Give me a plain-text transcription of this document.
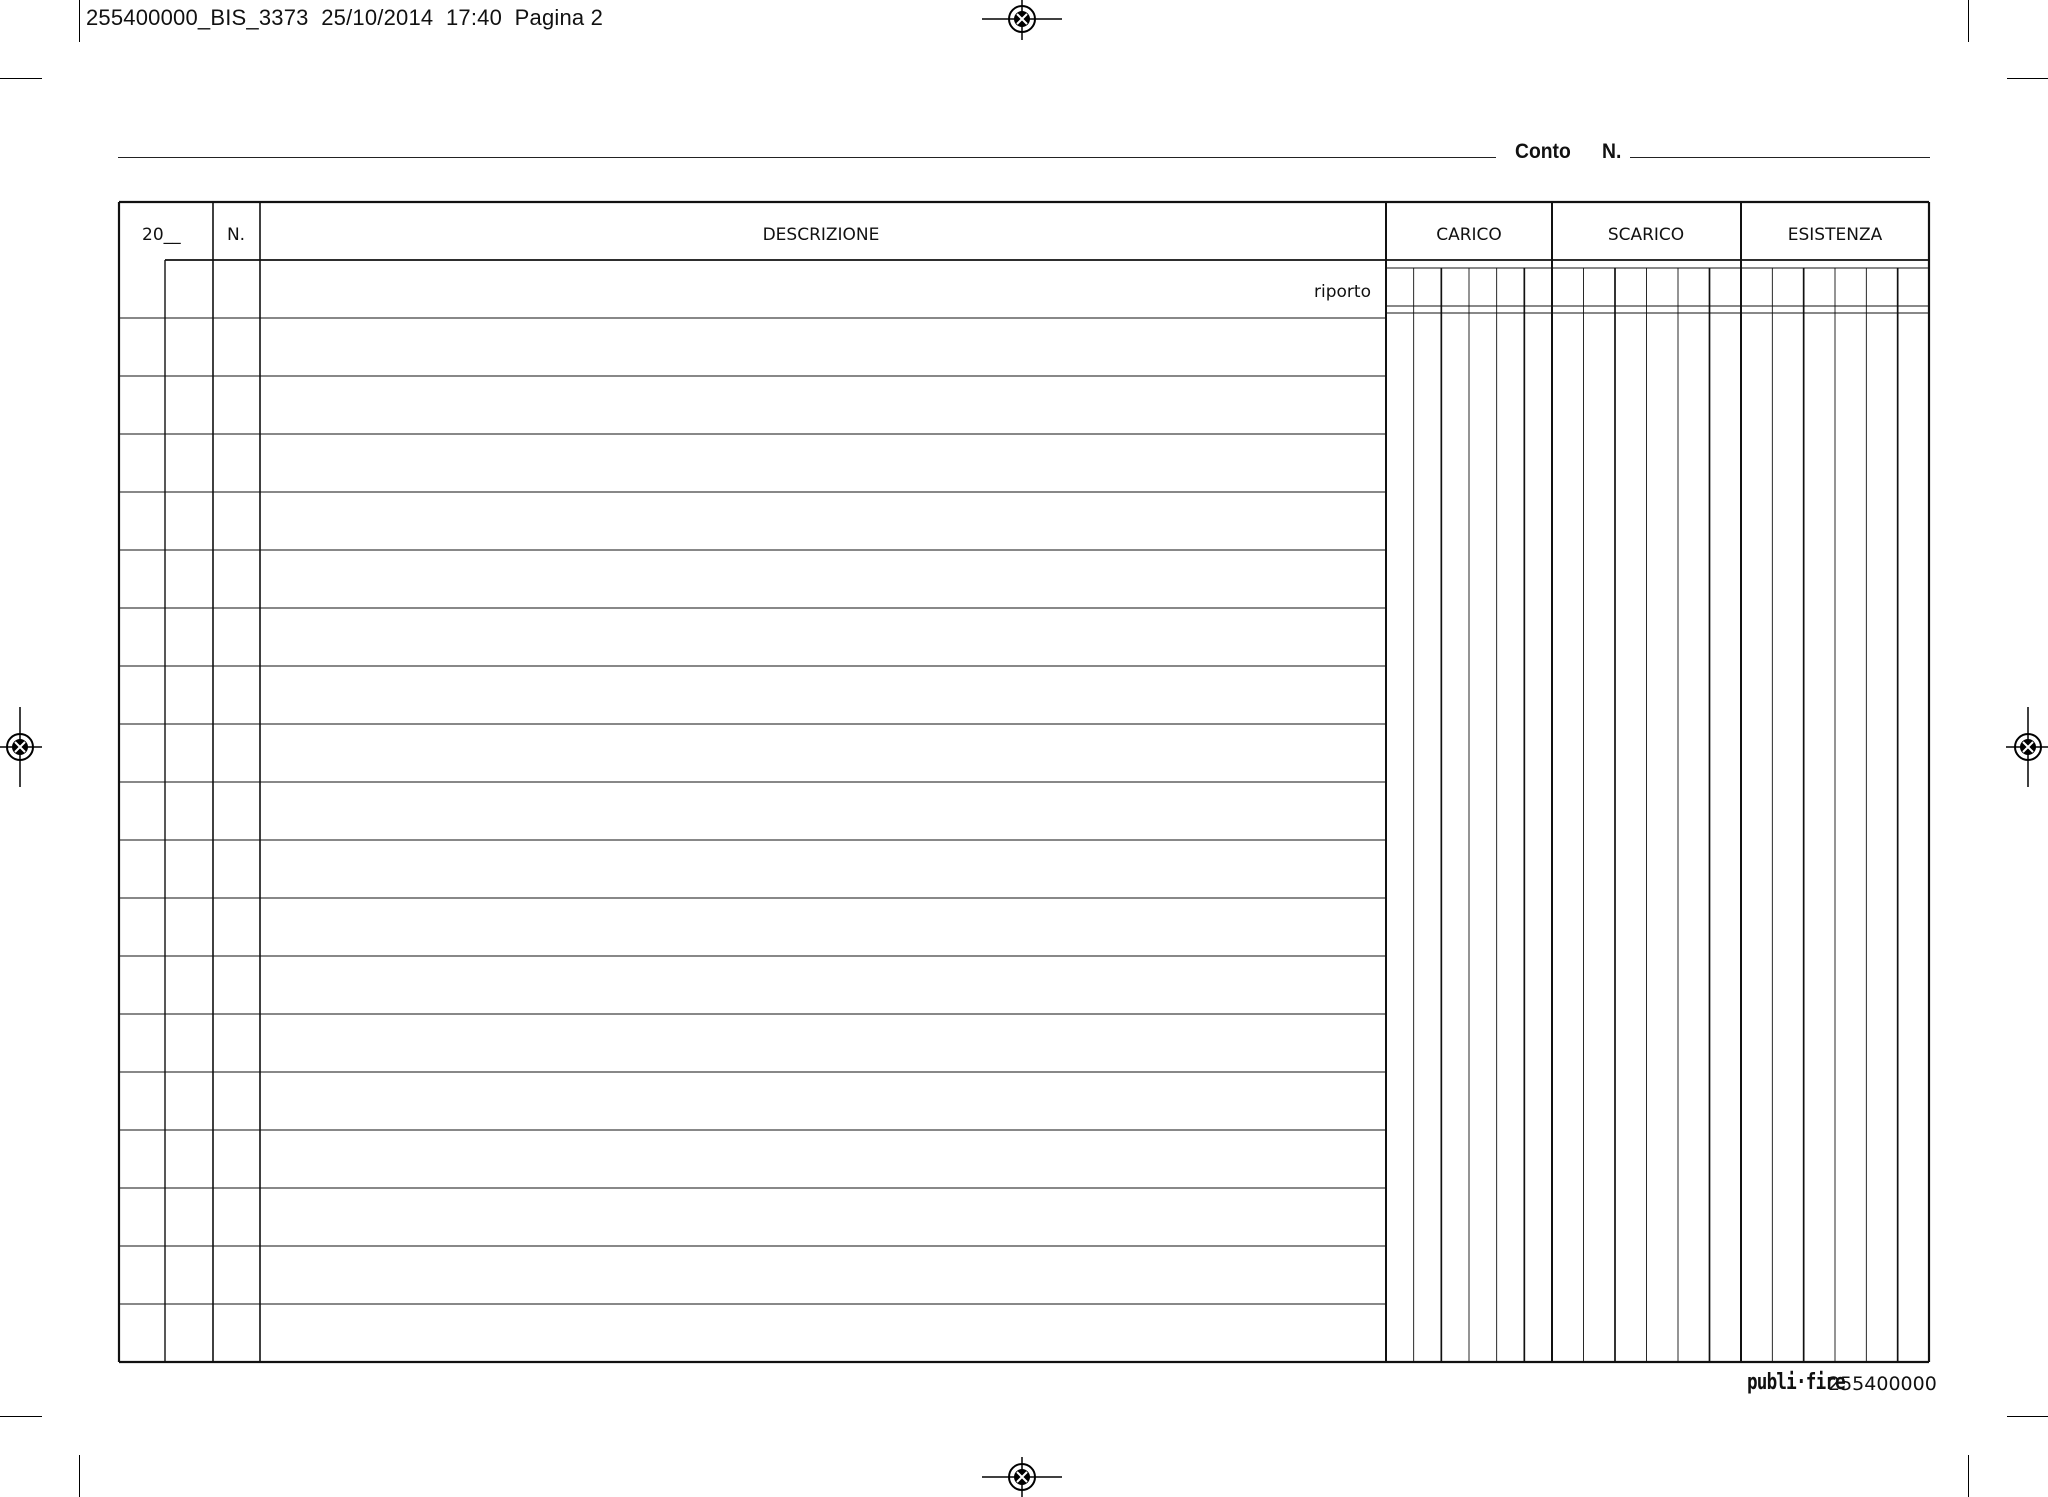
255400000_BIS_3373 25/10/2014 17:40 Pagina 2
Conto N.
20__	N.	DESCRIZIONE	CARICO	SCARICO	ESISTENZA
riporto
publi·fire
255400000
